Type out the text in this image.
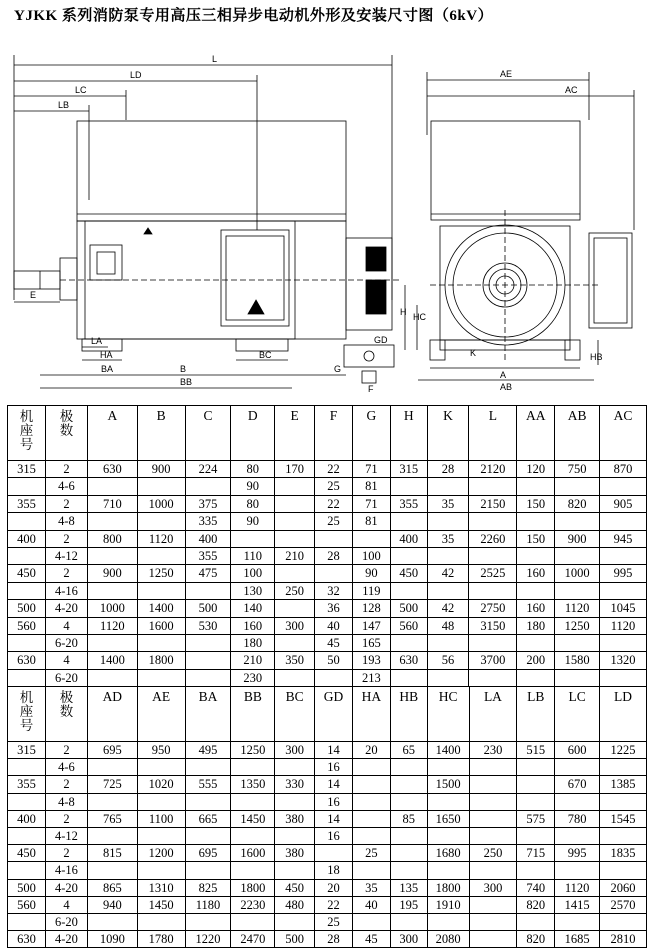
YJKK 系列消防泵专用高压三相异步电动机外形及安装尺寸图（6kV）
GD
G
F
L
LD
LC
LB
E
LA
HA
BA
BC
BB
B
AE
AC
A
AB
H HC
HB
K
机座号	极数	A	B	C	D	E	F	G	H	K	L	AA	AB	AC
315	2	630	900	224	80	170	22	71	315	28	2120	120	750	870
	4-6				90		25	81						
355	2	710	1000	375	80		22	71	355	35	2150	150	820	905
	4-8			335	90		25	81						
400	2	800	1120	400					400	35	2260	150	900	945
	4-12			355	110	210	28	100						
450	2	900	1250	475	100			90	450	42	2525	160	1000	995
	4-16				130	250	32	119						
500	4-20	1000	1400	500	140		36	128	500	42	2750	160	1120	1045
560	4	1120	1600	530	160	300	40	147	560	48	3150	180	1250	1120
	6-20				180		45	165						
630	4	1400	1800		210	350	50	193	630	56	3700	200	1580	1320
	6-20				230			213						
机座号	极数	AD	AE	BA	BB	BC	GD	HA	HB	HC	LA	LB	LC	LD
315	2	695	950	495	1250	300	14	20	65	1400	230	515	600	1225
	4-6						16							
355	2	725	1020	555	1350	330	14			1500			670	1385
	4-8						16							
400	2	765	1100	665	1450	380	14		85	1650		575	780	1545
	4-12						16							
450	2	815	1200	695	1600	380		25		1680	250	715	995	1835
	4-16						18							
500	4-20	865	1310	825	1800	450	20	35	135	1800	300	740	1120	2060
560	4	940	1450	1180	2230	480	22	40	195	1910		820	1415	2570
	6-20						25							
630	4-20	1090	1780	1220	2470	500	28	45	300	2080		820	1685	2810
